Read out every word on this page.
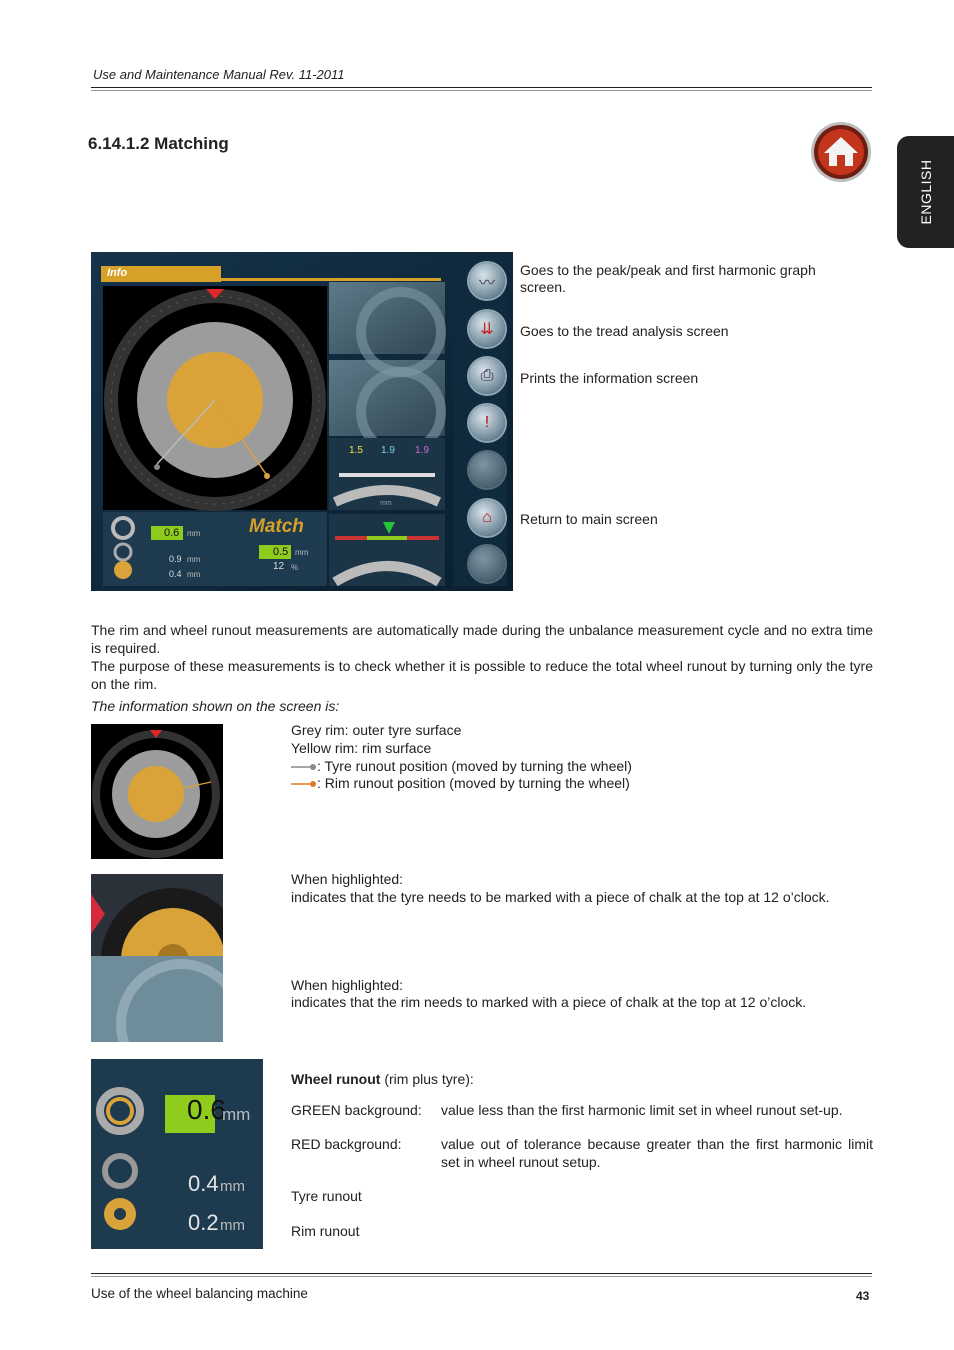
Use and Maintenance Manual Rev. 11-2011
6.14.1.2 Matching
ENGLISH
Info
Match
0.6 mm
0.9 mm
0.4 mm
0.5 mm
12 %
1.5 1.9 1.9
mm
〰
⇊
⎙
!
⌂
Goes to the peak/peak and first harmonic graph screen.
Goes to the tread analysis screen
Prints the information screen
Return to main screen
The rim and wheel runout measurements are automatically made during the unbalance measurement cycle and no extra time is required.
The purpose of these measurements is to check whether it is possible to reduce the total wheel runout by turning only the tyre on the rim.
The information shown on the screen is:
Grey rim: outer tyre surface
Yellow rim: rim surface
: Tyre runout position (moved by turning the wheel)
: Rim runout position (moved by turning the wheel)
When highlighted:
indicates that the tyre needs to be marked with a piece of chalk at the top at 12 o’clock.
When highlighted:
indicates that the rim needs to marked with a piece of chalk at the top at 12 o’clock.
0.6
mm
0.4 mm
0.2 mm
Wheel runout (rim plus tyre):
GREEN background: value less than the first harmonic limit set in wheel runout set-up.
RED background:	value out of tolerance because greater than the first harmonic limit set in wheel runout setup.
Tyre runout
Rim runout
Use of the wheel balancing machine	43
